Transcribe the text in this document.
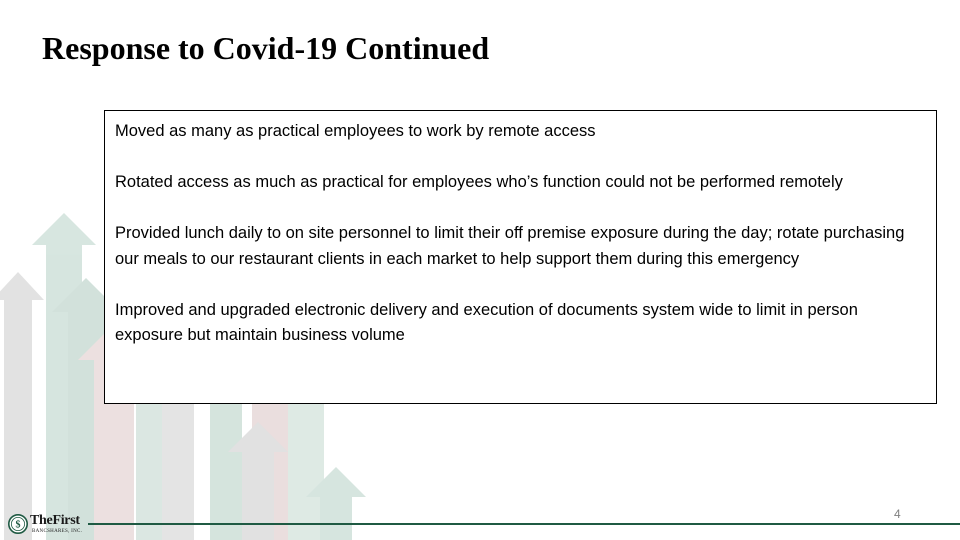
Response to Covid-19 Continued

Moved as many as practical employees to work by remote access

Rotated access as much as practical for employees who’s function could not be performed remotely

Provided lunch daily to on site personnel to limit their off premise exposure during the day; rotate purchasing our meals to our restaurant clients in each market to help support them during this emergency

Improved and upgraded electronic delivery and execution of documents system wide to limit in person exposure but maintain business volume

4
$ TheFirst
BANCSHARES, INC.
